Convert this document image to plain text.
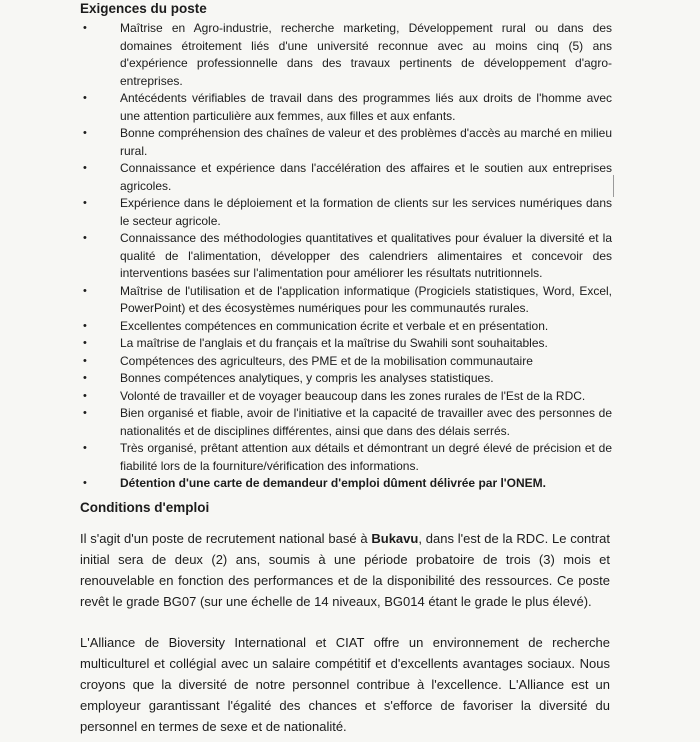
Exigences du poste
•	Maîtrise en Agro-industrie, recherche marketing, Développement rural ou dans des domaines étroitement liés d'une université reconnue avec au moins cinq (5) ans d'expérience professionnelle dans des travaux pertinents de développement d'agro-entreprises.
•	Antécédents vérifiables de travail dans des programmes liés aux droits de l'homme avec une attention particulière aux femmes, aux filles et aux enfants.
•	Bonne compréhension des chaînes de valeur et des problèmes d'accès au marché en milieu rural.
•	Connaissance et expérience dans l'accélération des affaires et le soutien aux entreprises agricoles.
•	Expérience dans le déploiement et la formation de clients sur les services numériques dans le secteur agricole.
•	Connaissance des méthodologies quantitatives et qualitatives pour évaluer la diversité et la qualité de l'alimentation, développer des calendriers alimentaires et concevoir des interventions basées sur l'alimentation pour améliorer les résultats nutritionnels.
•	Maîtrise de l'utilisation et de l'application informatique (Progiciels statistiques, Word, Excel, PowerPoint) et des écosystèmes numériques pour les communautés rurales.
•	Excellentes compétences en communication écrite et verbale et en présentation.
•	La maîtrise de l'anglais et du français et la maîtrise du Swahili sont souhaitables.
•	Compétences des agriculteurs, des PME et de la mobilisation communautaire
•	Bonnes compétences analytiques, y compris les analyses statistiques.
•	Volonté de travailler et de voyager beaucoup dans les zones rurales de l'Est de la RDC.
•	Bien organisé et fiable, avoir de l'initiative et la capacité de travailler avec des personnes de nationalités et de disciplines différentes, ainsi que dans des délais serrés.
•	Très organisé, prêtant attention aux détails et démontrant un degré élevé de précision et de fiabilité lors de la fourniture/vérification des informations.
•	Détention d'une carte de demandeur d'emploi dûment délivrée par l'ONEM.
Conditions d'emploi
Il s'agit d'un poste de recrutement national basé à Bukavu, dans l'est de la RDC. Le contrat initial sera de deux (2) ans, soumis à une période probatoire de trois (3) mois et renouvelable en fonction des performances et de la disponibilité des ressources. Ce poste revêt le grade BG07 (sur une échelle de 14 niveaux, BG014 étant le grade le plus élevé).
L'Alliance de Bioversity International et CIAT offre un environnement de recherche multiculturel et collégial avec un salaire compétitif et d'excellents avantages sociaux. Nous croyons que la diversité de notre personnel contribue à l'excellence. L'Alliance est un employeur garantissant l'égalité des chances et s'efforce de favoriser la diversité du personnel en termes de sexe et de nationalité.
